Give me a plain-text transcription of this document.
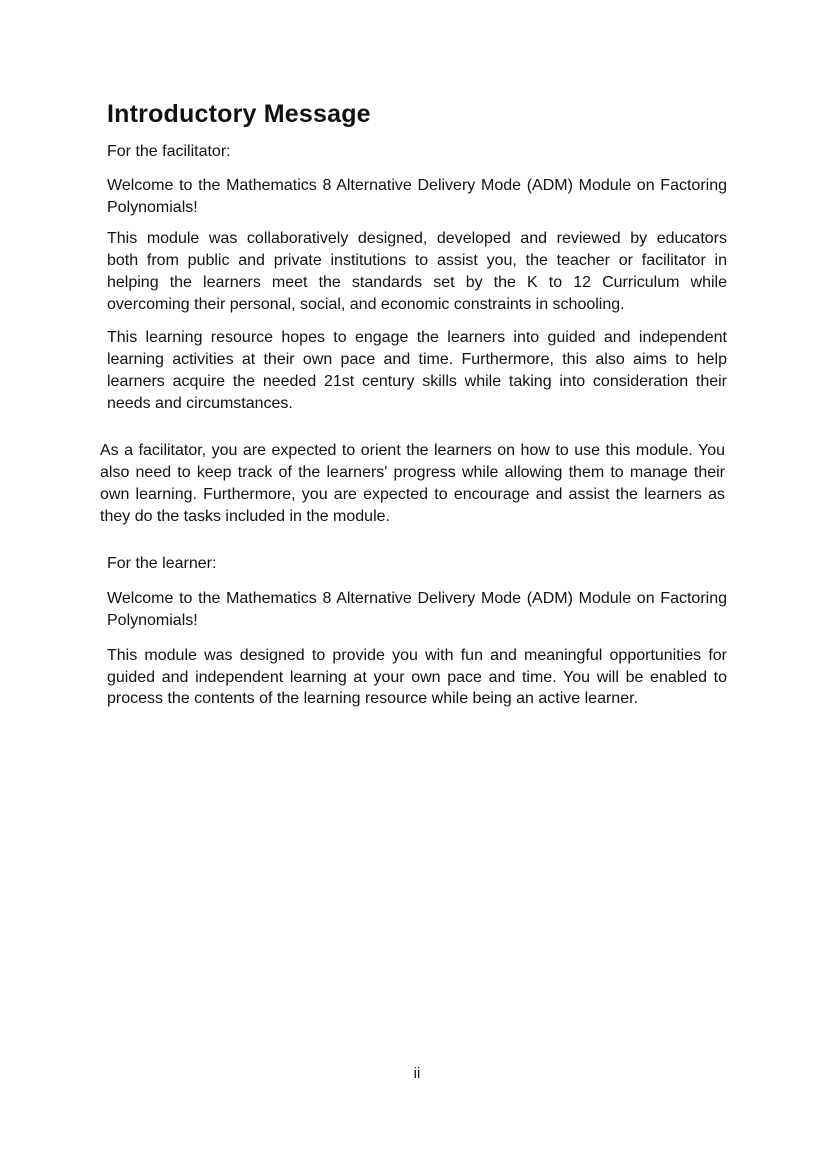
Introductory Message
For the facilitator:
Welcome to the Mathematics 8 Alternative Delivery Mode (ADM) Module on Factoring
Polynomials!
This module was collaboratively designed, developed and reviewed by educators
both from public and private institutions to assist you, the teacher or facilitator in
helping the learners meet the standards set by the K to 12 Curriculum while
overcoming their personal, social, and economic constraints in schooling.
This learning resource hopes to engage the learners into guided and independent
learning activities at their own pace and time. Furthermore, this also aims to help
learners acquire the needed 21st century skills while taking into consideration their
needs and circumstances.
As a facilitator, you are expected to orient the learners on how to use this module. You
also need to keep track of the learners' progress while allowing them to manage their
own learning. Furthermore, you are expected to encourage and assist the learners as
they do the tasks included in the module.
For the learner:
Welcome to the Mathematics 8 Alternative Delivery Mode (ADM) Module on Factoring
Polynomials!
This module was designed to provide you with fun and meaningful opportunities for
guided and independent learning at your own pace and time. You will be enabled to
process the contents of the learning resource while being an active learner.
ii
